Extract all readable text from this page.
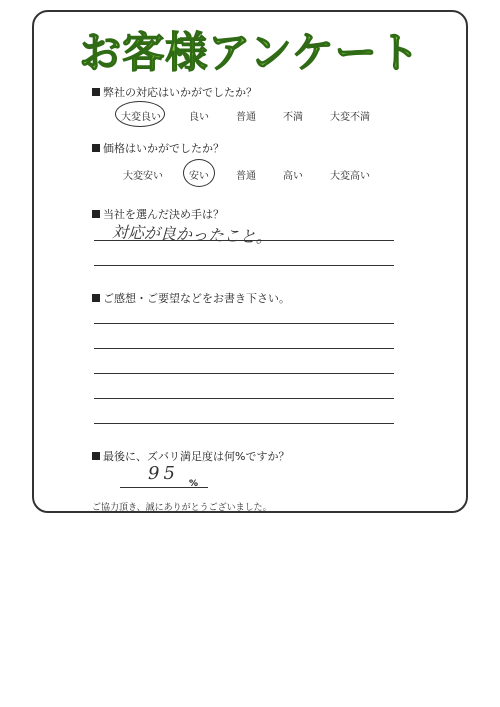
お客様アンケート
弊社の対応はいかがでしたか？
大変良い	良い	普通	不満	大変不満
価格はいかがでしたか？
大変安い	安い	普通	高い	大変高い
当社を選んだ決め手は？
対応が良かったこと。
ご感想・ご要望などをお書き下さい。
最後に、ズバリ満足度は何%ですか？
95 %
ご協力頂き、誠にありがとうございました。
